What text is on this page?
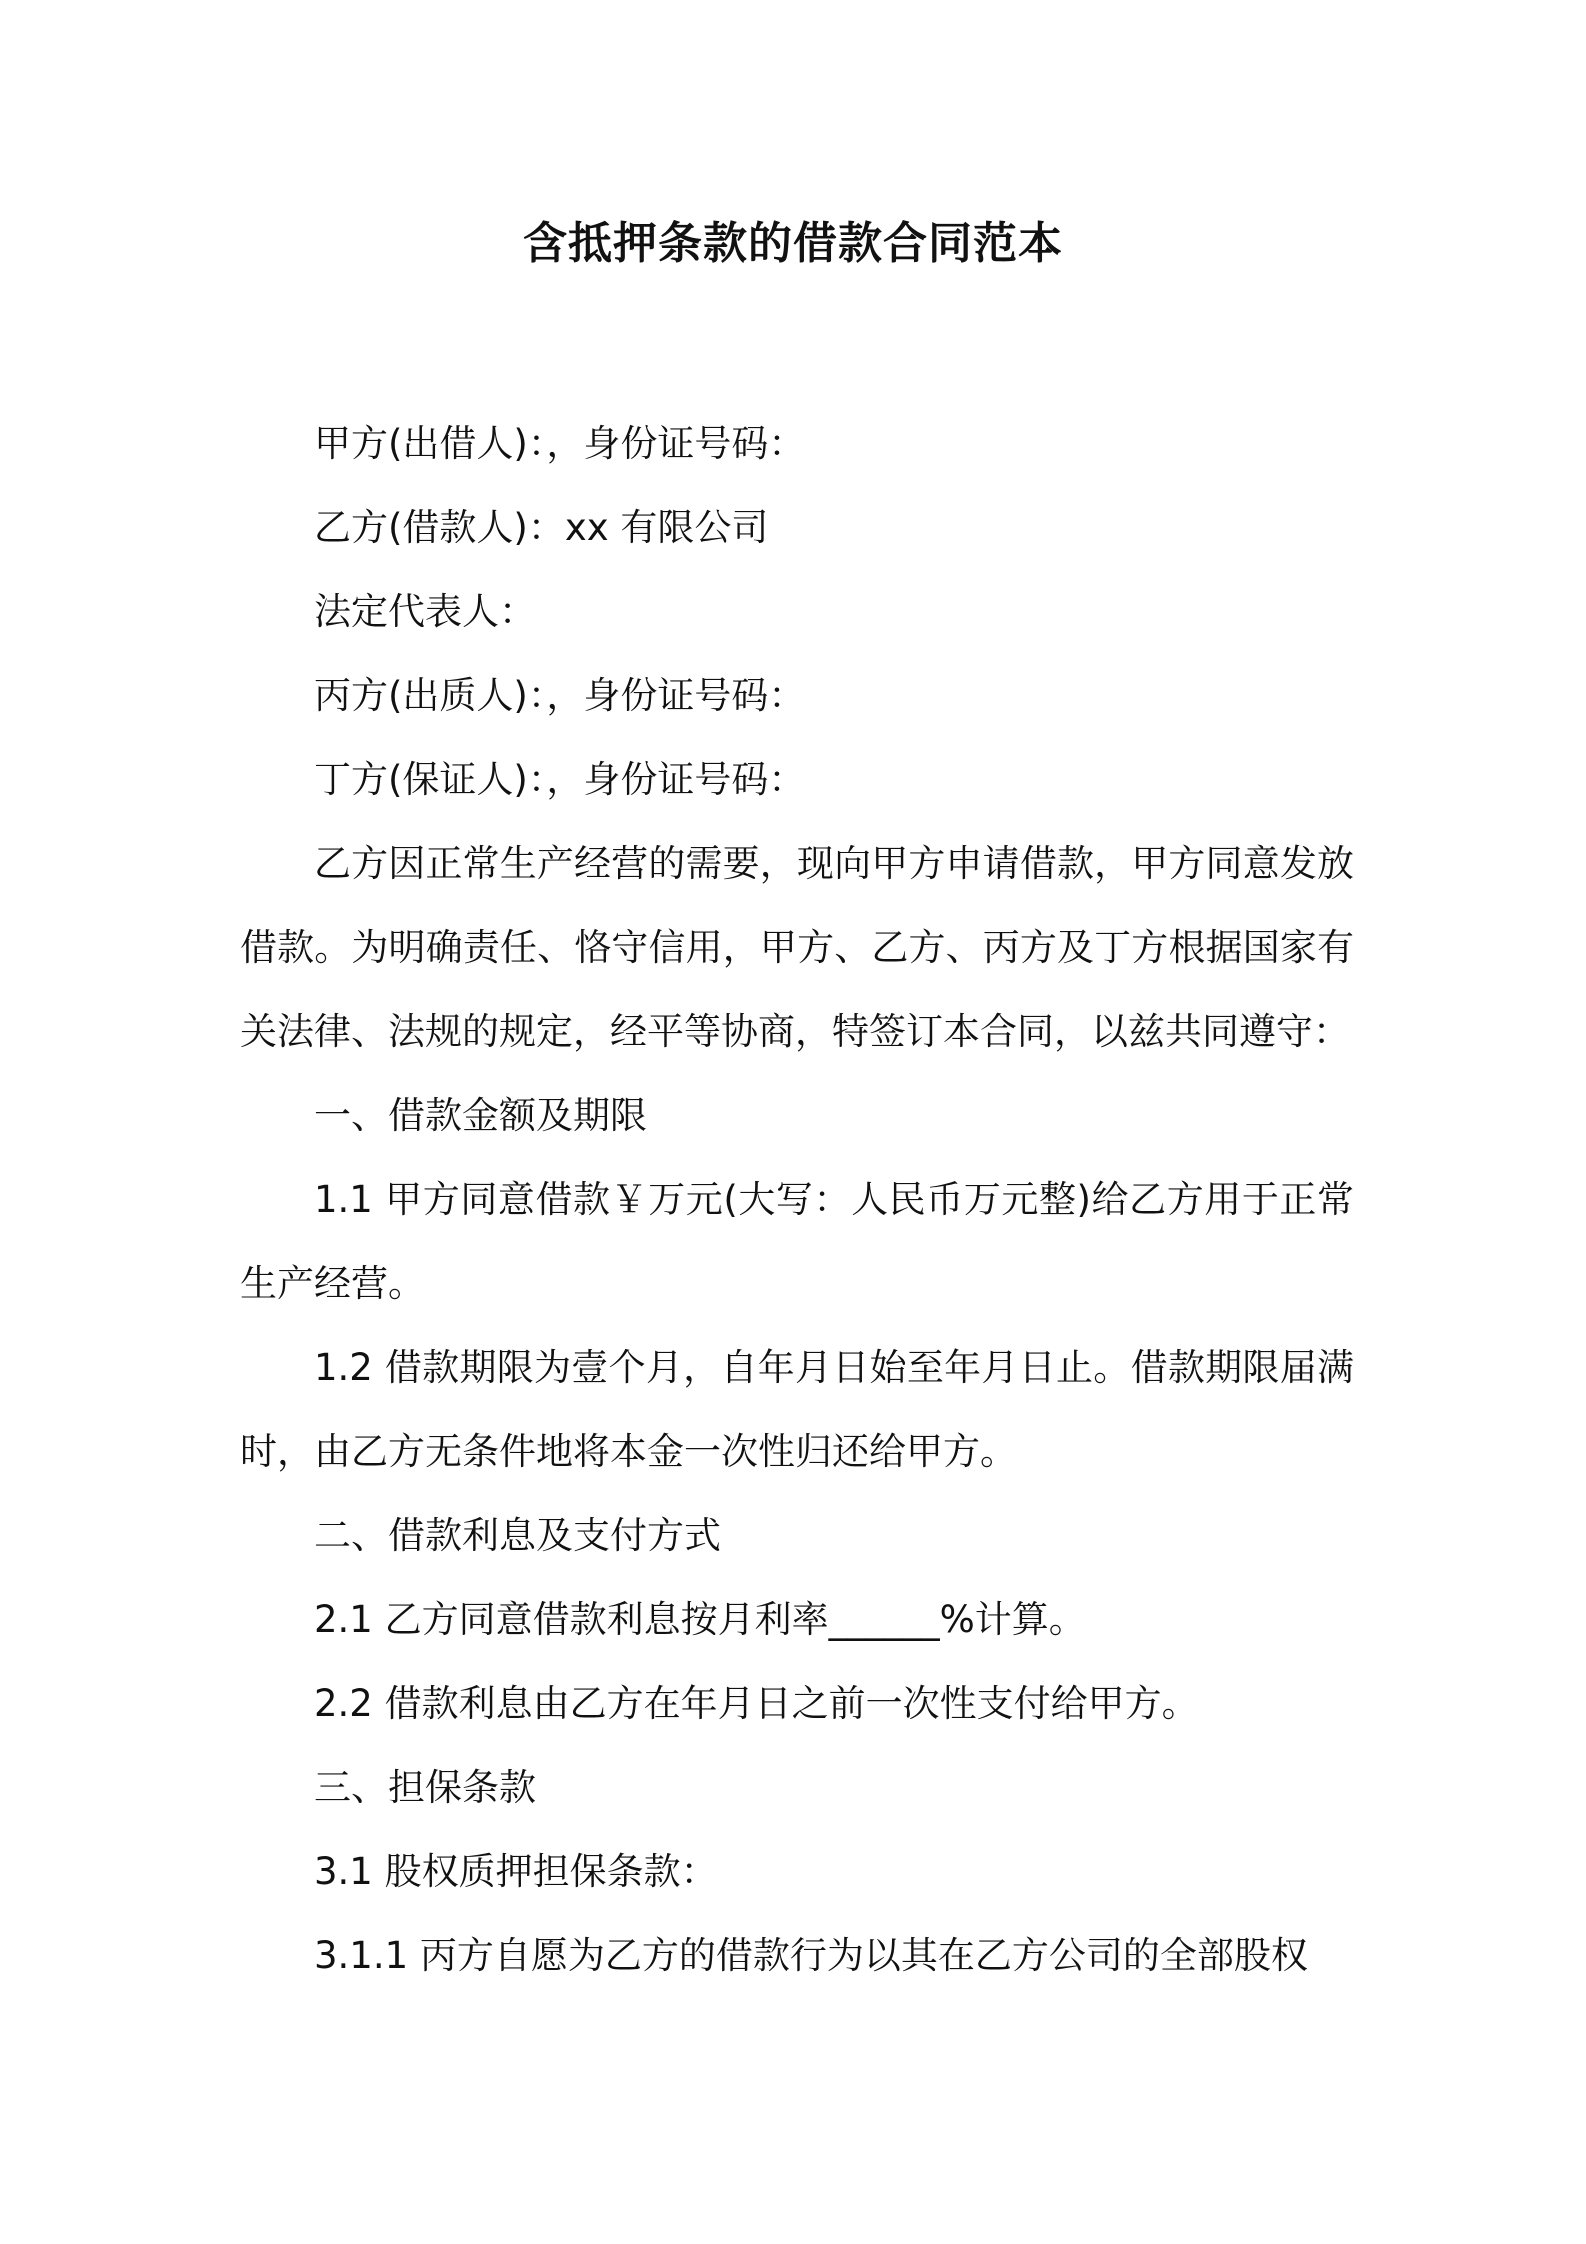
含抵押条款的借款合同范本

甲方(出借人)：，身份证号码：

乙方(借款人)：xx 有限公司

法定代表人：

丙方(出质人)：，身份证号码：

丁方(保证人)：，身份证号码：

乙方因正常生产经营的需要，现向甲方申请借款，甲方同意发放借款。为明确责任、恪守信用，甲方、乙方、丙方及丁方根据国家有关法律、法规的规定，经平等协商，特签订本合同，以兹共同遵守：

一、借款金额及期限

1.1 甲方同意借款￥万元(大写：人民币万元整)给乙方用于正常生产经营。

1.2 借款期限为壹个月，自年月日始至年月日止。借款期限届满时，由乙方无条件地将本金一次性归还给甲方。

二、借款利息及支付方式

2.1 乙方同意借款利息按月利率______%计算。

2.2 借款利息由乙方在年月日之前一次性支付给甲方。

三、担保条款

3.1 股权质押担保条款：

3.1.1 丙方自愿为乙方的借款行为以其在乙方公司的全部股权
